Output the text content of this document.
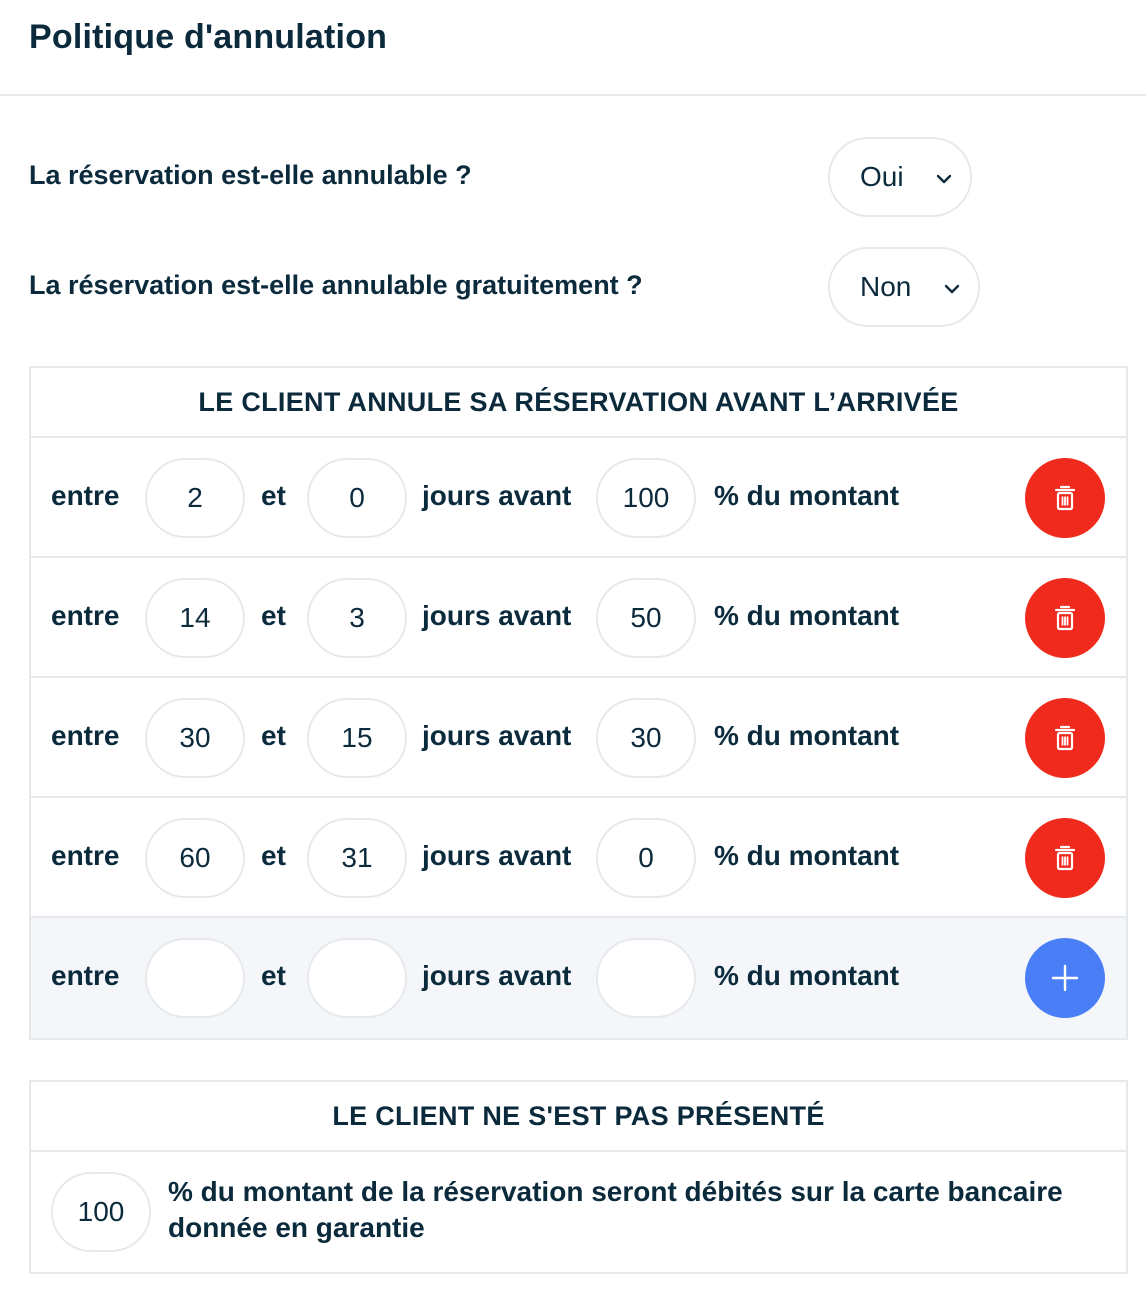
Politique d'annulation
La réservation est-elle annulable ?	Oui
La réservation est-elle annulable gratuitement ?	Non
LE CLIENT ANNULE SA RÉSERVATION AVANT L’ARRIVÉE
entre	2	et	0	jours avant	100	% du montant
entre	14	et	3	jours avant	50	% du montant
entre	30	et	15	jours avant	30	% du montant
entre	60	et	31	jours avant	0	% du montant
entre	et	jours avant	% du montant
LE CLIENT NE S'EST PAS PRÉSENTÉ
100
% du montant de la réservation seront débités sur la carte bancaire donnée en garantie
